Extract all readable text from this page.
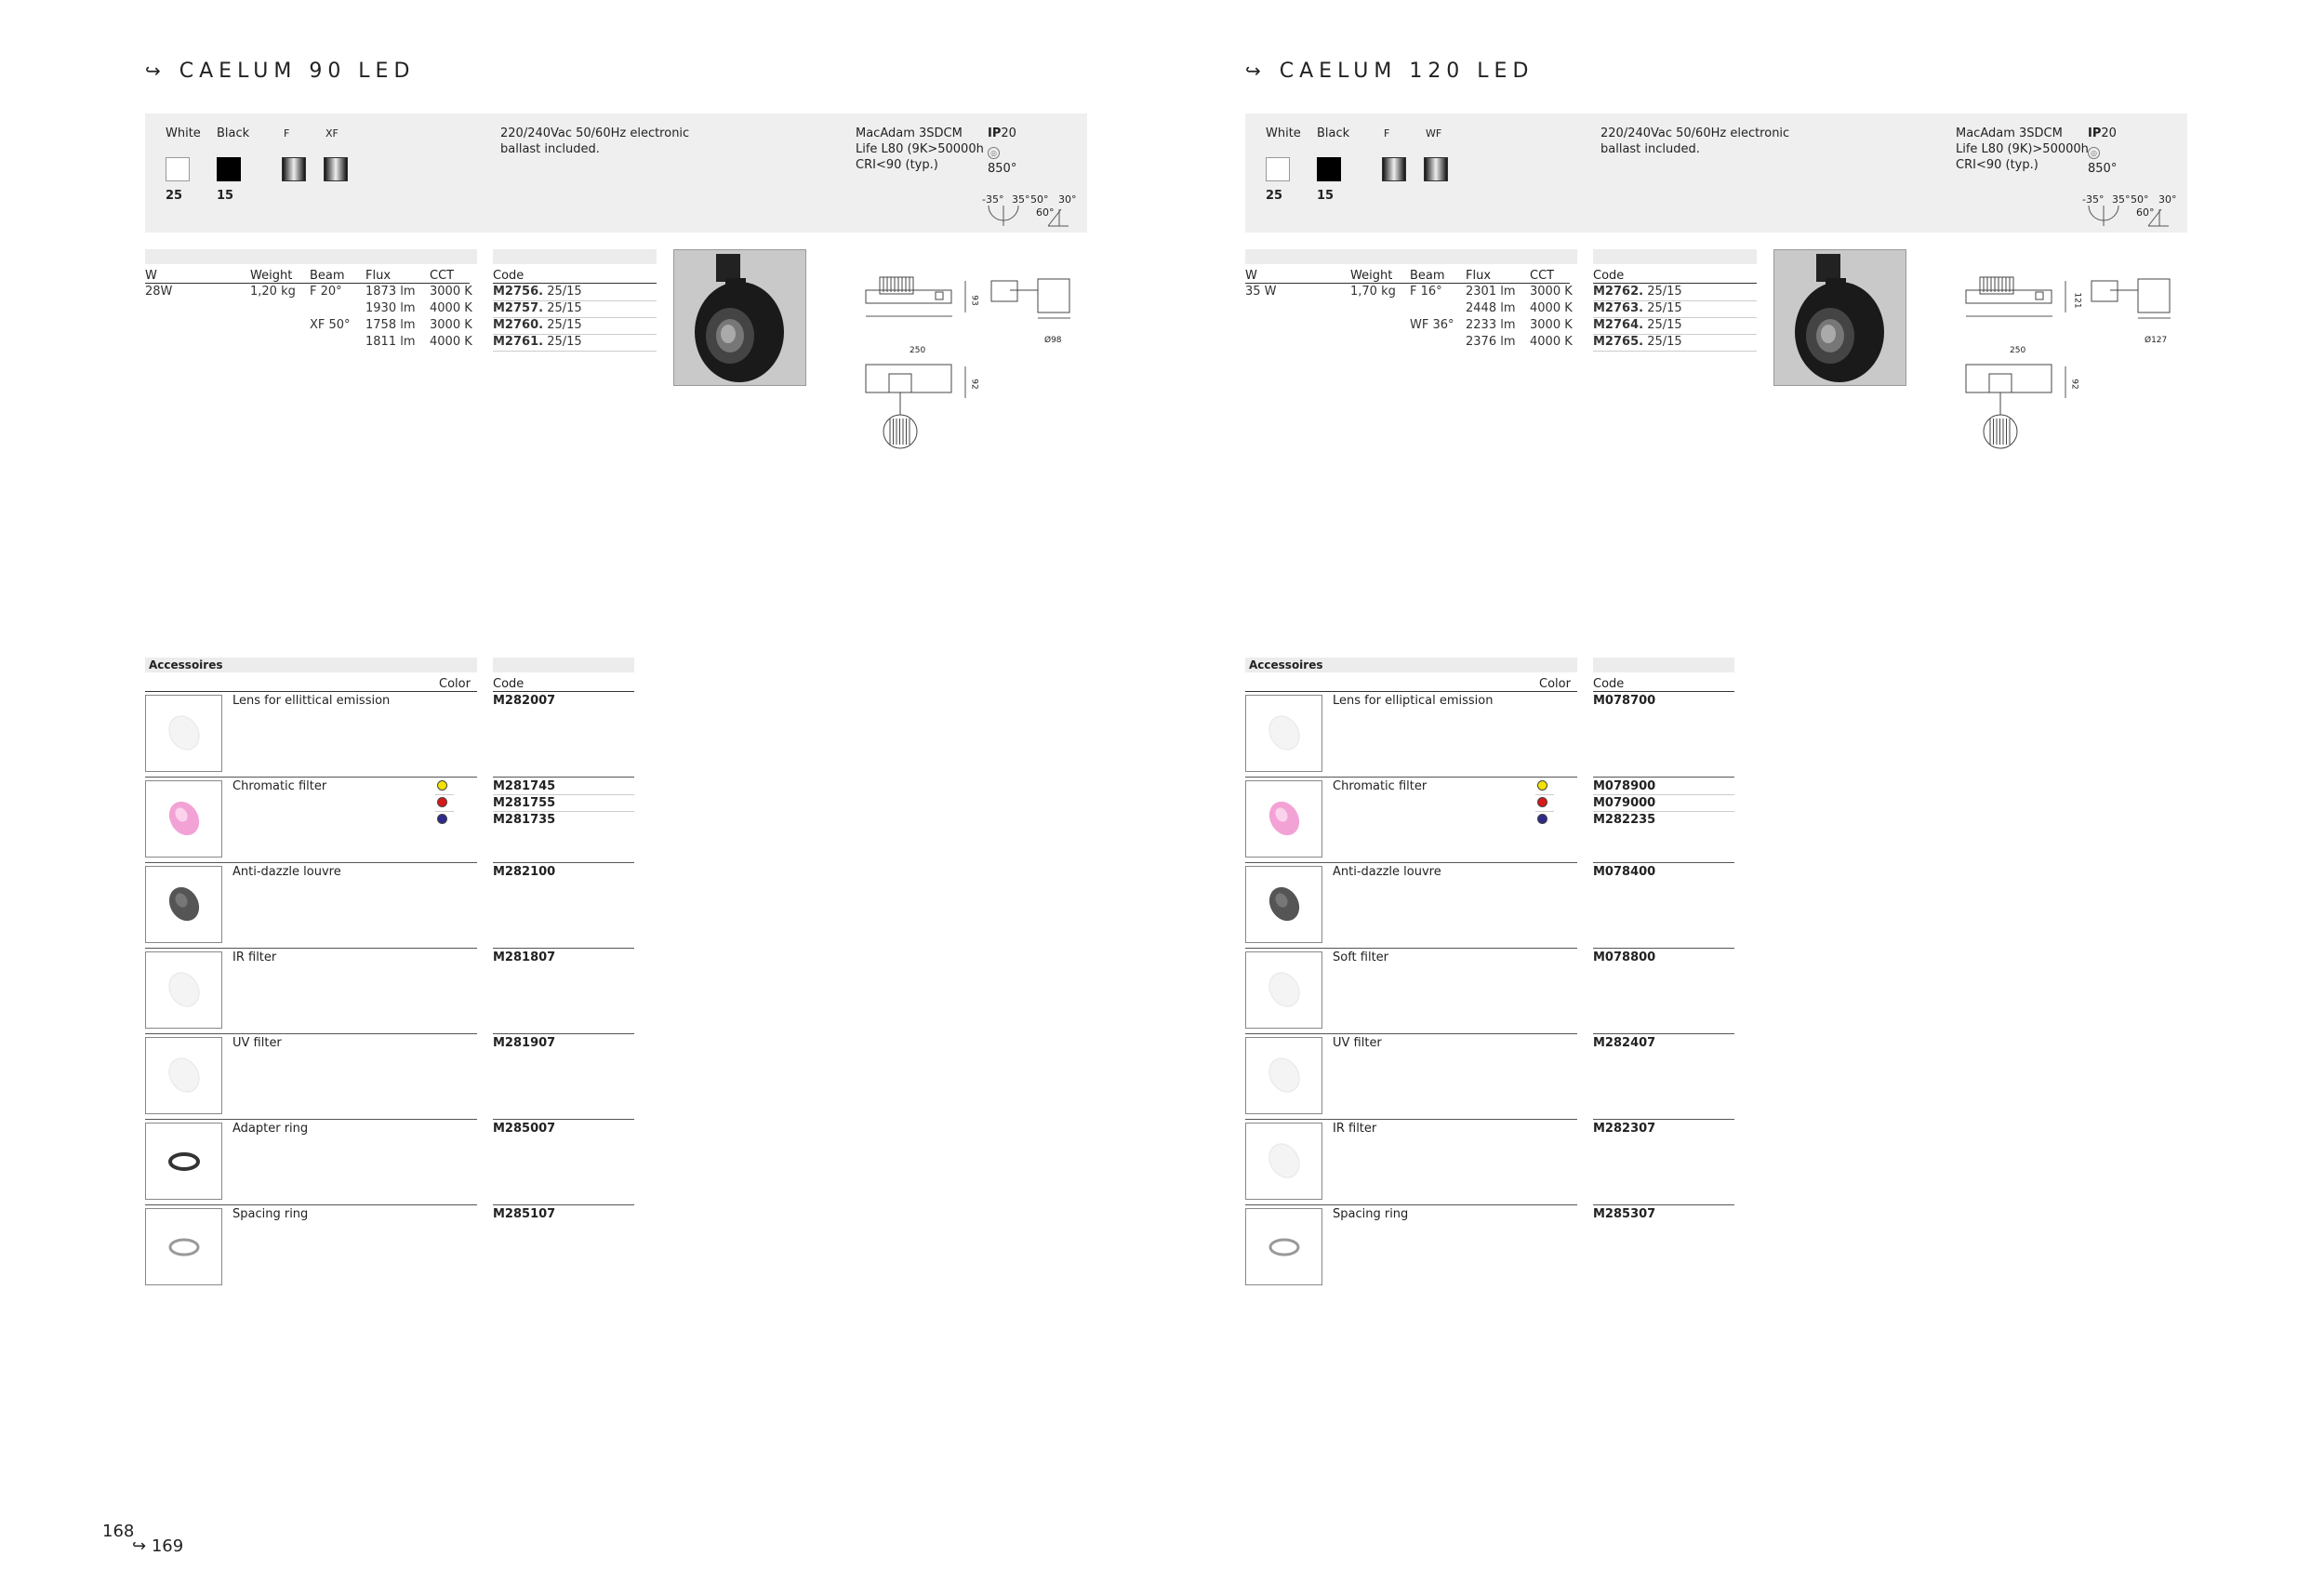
↪ CAELUM 90 LED
White
25
Black
15
F	XF	220/240Vac 50/60Hz electronic
ballast included.
MacAdam 3SDCM
Life L80 (9K>50000h
CRI<90 (typ.)
IP20
◎
850°
-35° 35° 50° 30°
60°
W	Weight Beam Flux	CCT	Code
28W	1,20 kg F 20° 1873 lm 3000 K M2756. 25/15
1930 lm 4000 K M2757. 25/15
XF 50° 1758 lm 3000 K M2760. 25/15
1811 lm 4000 K M2761. 25/15
250
Ø98
93
92
Accessoires
Color Code
Lens for ellittical emission	M282007
Chromatic filter	M281745
M281755
M281735
Anti-dazzle louvre	M282100
IR filter	M281807
UV filter	M281907
Adapter ring	M285007
Spacing ring	M285107
↪ CAELUM 120 LED
White
25
Black
15
F	WF	220/240Vac 50/60Hz electronic
ballast included.
MacAdam 3SDCM
Life L80 (9K)>50000h
CRI<90 (typ.)
IP20
◎
850°
-35° 35° 50° 30°
60°
W	Weight Beam Flux	CCT	Code
35 W	1,70 kg F 16° 2301 lm 3000 K M2762. 25/15
2448 lm 4000 K M2763. 25/15
WF 36° 2233 lm 3000 K M2764. 25/15
2376 lm 4000 K M2765. 25/15
250
Ø127
121
92
Accessoires
Color Code
Lens for elliptical emission	M078700
Chromatic filter	M078900
M079000
M282235
Anti-dazzle louvre	M078400
Soft filter	M078800
UV filter	M282407
IR filter	M282307
Spacing ring	M285307
168
↪ 169
